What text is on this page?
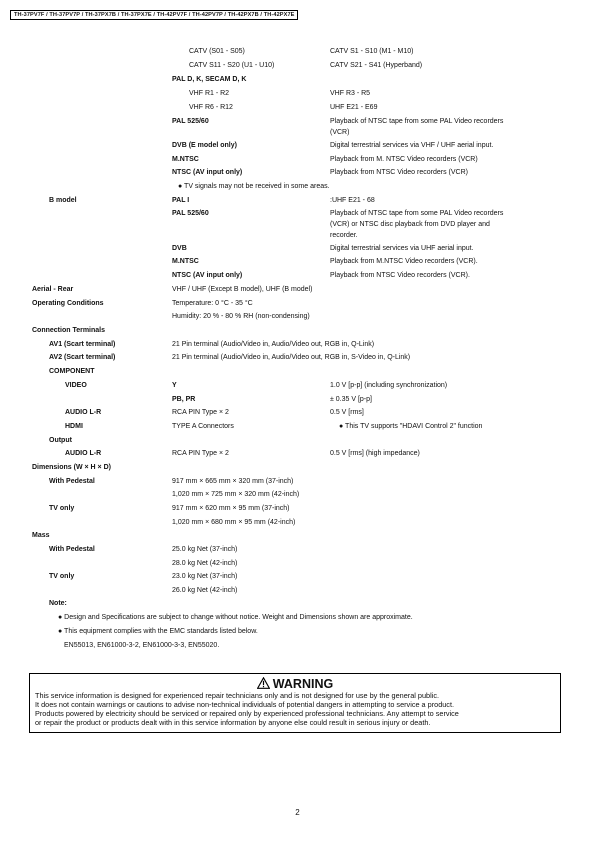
TH-37PV7F / TH-37PV7P / TH-37PX7B / TH-37PX7E / TH-42PV7F / TH-42PV7P / TH-42PX7B / TH-42PX7E
CATV (S01 - S05)	CATV S1 - S10 (M1 - M10)
CATV S11 - S20 (U1 - U10)	CATV S21 - S41 (Hyperband)
PAL D, K, SECAM D, K
VHF R1 - R2	VHF R3 - R5
VHF R6 - R12	UHF E21 - E69
PAL 525/60	Playback of NTSC tape from some PAL Video recorders
(VCR)
DVB (E model only)	Digital terrestrial services via VHF / UHF aerial input.
M.NTSC	Playback from M. NTSC Video recorders (VCR)
NTSC (AV input only)	Playback from NTSC Video recorders (VCR)
● TV signals may not be received in some areas.
B model	PAL I	:UHF E21 - 68
PAL 525/60	Playback of NTSC tape from some PAL Video recorders
(VCR) or NTSC disc playback from DVD player and
recorder.
DVB	Digital terrestrial services via UHF aerial input.
M.NTSC	Playback from M.NTSC Video recorders (VCR).
NTSC (AV input only)	Playback from NTSC Video recorders (VCR).
Aerial - Rear	VHF / UHF (Except B model), UHF (B model)
Operating Conditions	Temperature: 0 °C - 35 °C
Humidity: 20 % - 80 % RH (non-condensing)
Connection Terminals
AV1 (Scart terminal)	21 Pin terminal (Audio/Video in, Audio/Video out, RGB in, Q-Link)
AV2 (Scart terminal)	21 Pin terminal (Audio/Video in, Audio/Video out, RGB in, S-Video in, Q-Link)
COMPONENT
VIDEO	Y	1.0 V [p-p] (including synchronization)
PB, PR	± 0.35 V [p-p]
AUDIO L-R	RCA PIN Type × 2	0.5 V [rms]
HDMI	TYPE A Connectors	● This TV supports "HDAVI Control 2" function
Output
AUDIO L-R	RCA PIN Type × 2	0.5 V [rms] (high impedance)
Dimensions (W × H × D)
With Pedestal	917 mm × 665 mm × 320 mm (37-inch)
1,020 mm × 725 mm × 320 mm (42-inch)
TV only	917 mm × 620 mm × 95 mm (37-inch)
1,020 mm × 680 mm × 95 mm (42-inch)
Mass
With Pedestal	25.0 kg Net (37-inch)
28.0 kg Net (42-inch)
TV only	23.0 kg Net (37-inch)
26.0 kg Net (42-inch)
Note:
● Design and Specifications are subject to change without notice. Weight and Dimensions shown are approximate.
● This equipment complies with the EMC standards listed below.
EN55013, EN61000-3-2, EN61000-3-3, EN55020.
WARNING
This service information is designed for experienced repair technicians only and is not designed for use by the general public.
It does not contain warnings or cautions to advise non-technical individuals of potential dangers in attempting to service a product.
Products powered by electricity should be serviced or repaired only by experienced professional technicians. Any attempt to service
or repair the product or products dealt with in this service information by anyone else could result in serious injury or death.
2
